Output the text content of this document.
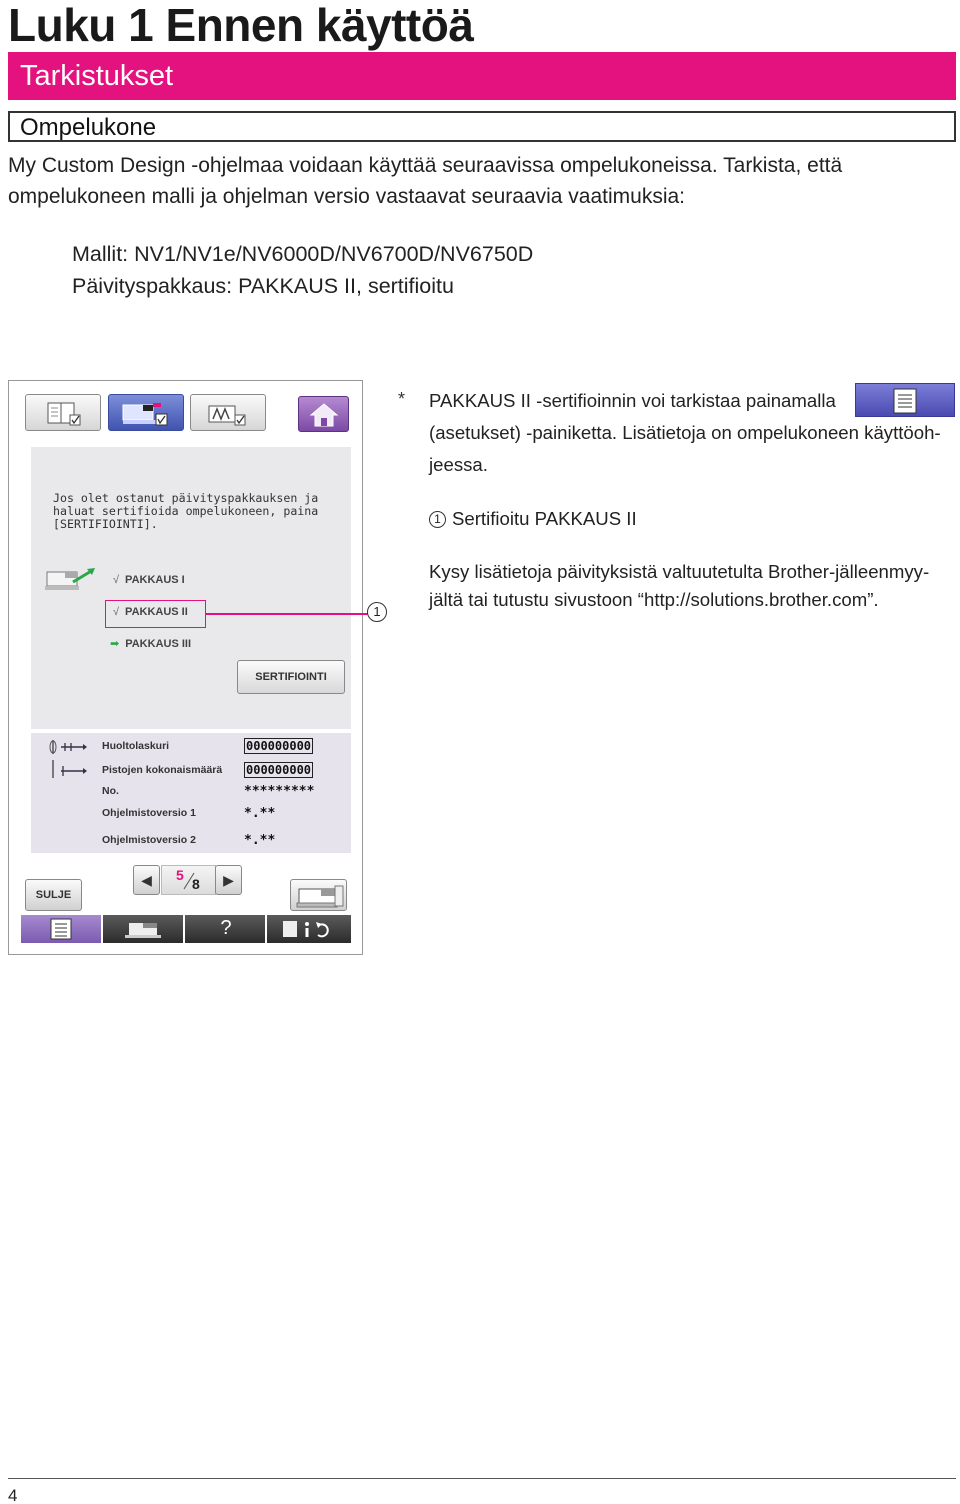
Luku 1 Ennen käyttöä
Tarkistukset
Ompelukone
My Custom Design -ohjelmaa voidaan käyttää seuraavissa ompelukoneissa. Tarkista, että
ompelukoneen malli ja ohjelman versio vastaavat seuraavia vaatimuksia:
Mallit: NV1/NV1e/NV6000D/NV6700D/NV6750D
Päivityspakkaus: PAKKAUS II, sertifioitu
Jos olet ostanut päivityspakkauksen ja
haluat sertifioida ompelukoneen, paina
[SERTIFIOINTI].
√ PAKKAUS I
√ PAKKAUS II
➡ PAKKAUS III
SERTIFIOINTI
Huoltolaskuri	000000000
Pistojen kokonaismäärä 000000000
No.	*********
Ohjelmistoversio 1	*.**
Ohjelmistoversio 2	*.**
◀	5
8	▶
SULJE
?
1
* PAKKAUS II -sertifioinnin voi tarkistaa painamalla
(asetukset) -painiketta. Lisätietoja on ompelukoneen käyttöoh-
jeessa.
1 Sertifioitu PAKKAUS II
Kysy lisätietoja päivityksistä valtuutetulta Brother-jälleenmyy-
jältä tai tutustu sivustoon “http://solutions.brother.com”.
4
